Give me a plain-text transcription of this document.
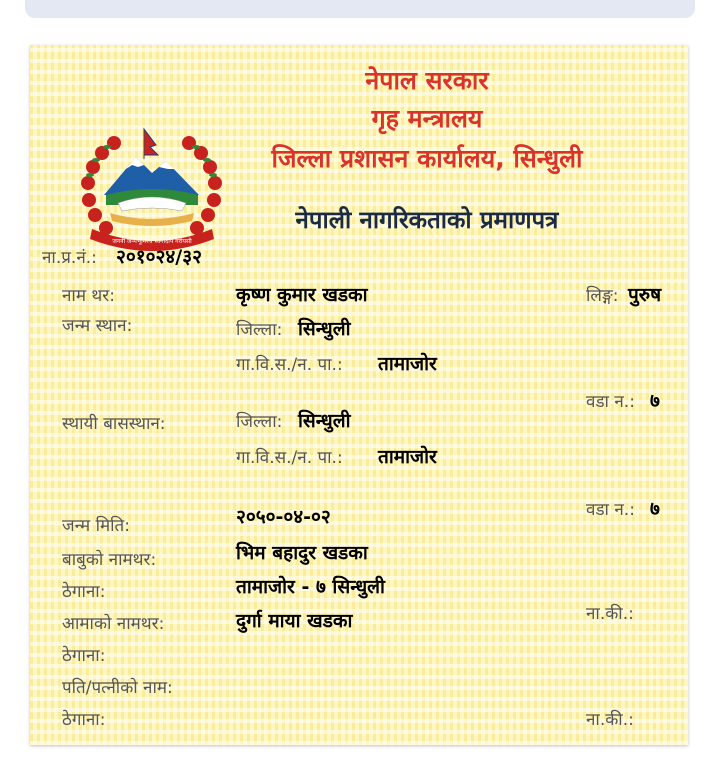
जननी जन्मभूमिश्च स्वर्गादपि गरीयसी
नेपाल सरकार
गृह मन्त्रालय
जिल्ला प्रशासन कार्यालय, सिन्धुली
नेपाली नागरिकताको प्रमाणपत्र
ना.प्र.नं.: २०१०२४/३२
नाम थर:	कृष्ण कुमार खडका	लिङ्ग: पुरुष
जन्म स्थान:	जिल्ला: सिन्धुली
गा.वि.स./न. पा.: तामाजोर
वडा न.: ७
स्थायी बासस्थान:	जिल्ला: सिन्धुली
गा.वि.स./न. पा.: तामाजोर
वडा न.: ७
जन्म मिति:	२०५०-०४-०२
बाबुको नामथर:	भिम बहादुर खडका
ठेगाना:	तामाजोर - ७ सिन्धुली
आमाको नामथर:	दुर्गा माया खडका	ना.की.:
ठेगाना:
पति/पत्नीको नाम:
ठेगाना:	ना.की.:
